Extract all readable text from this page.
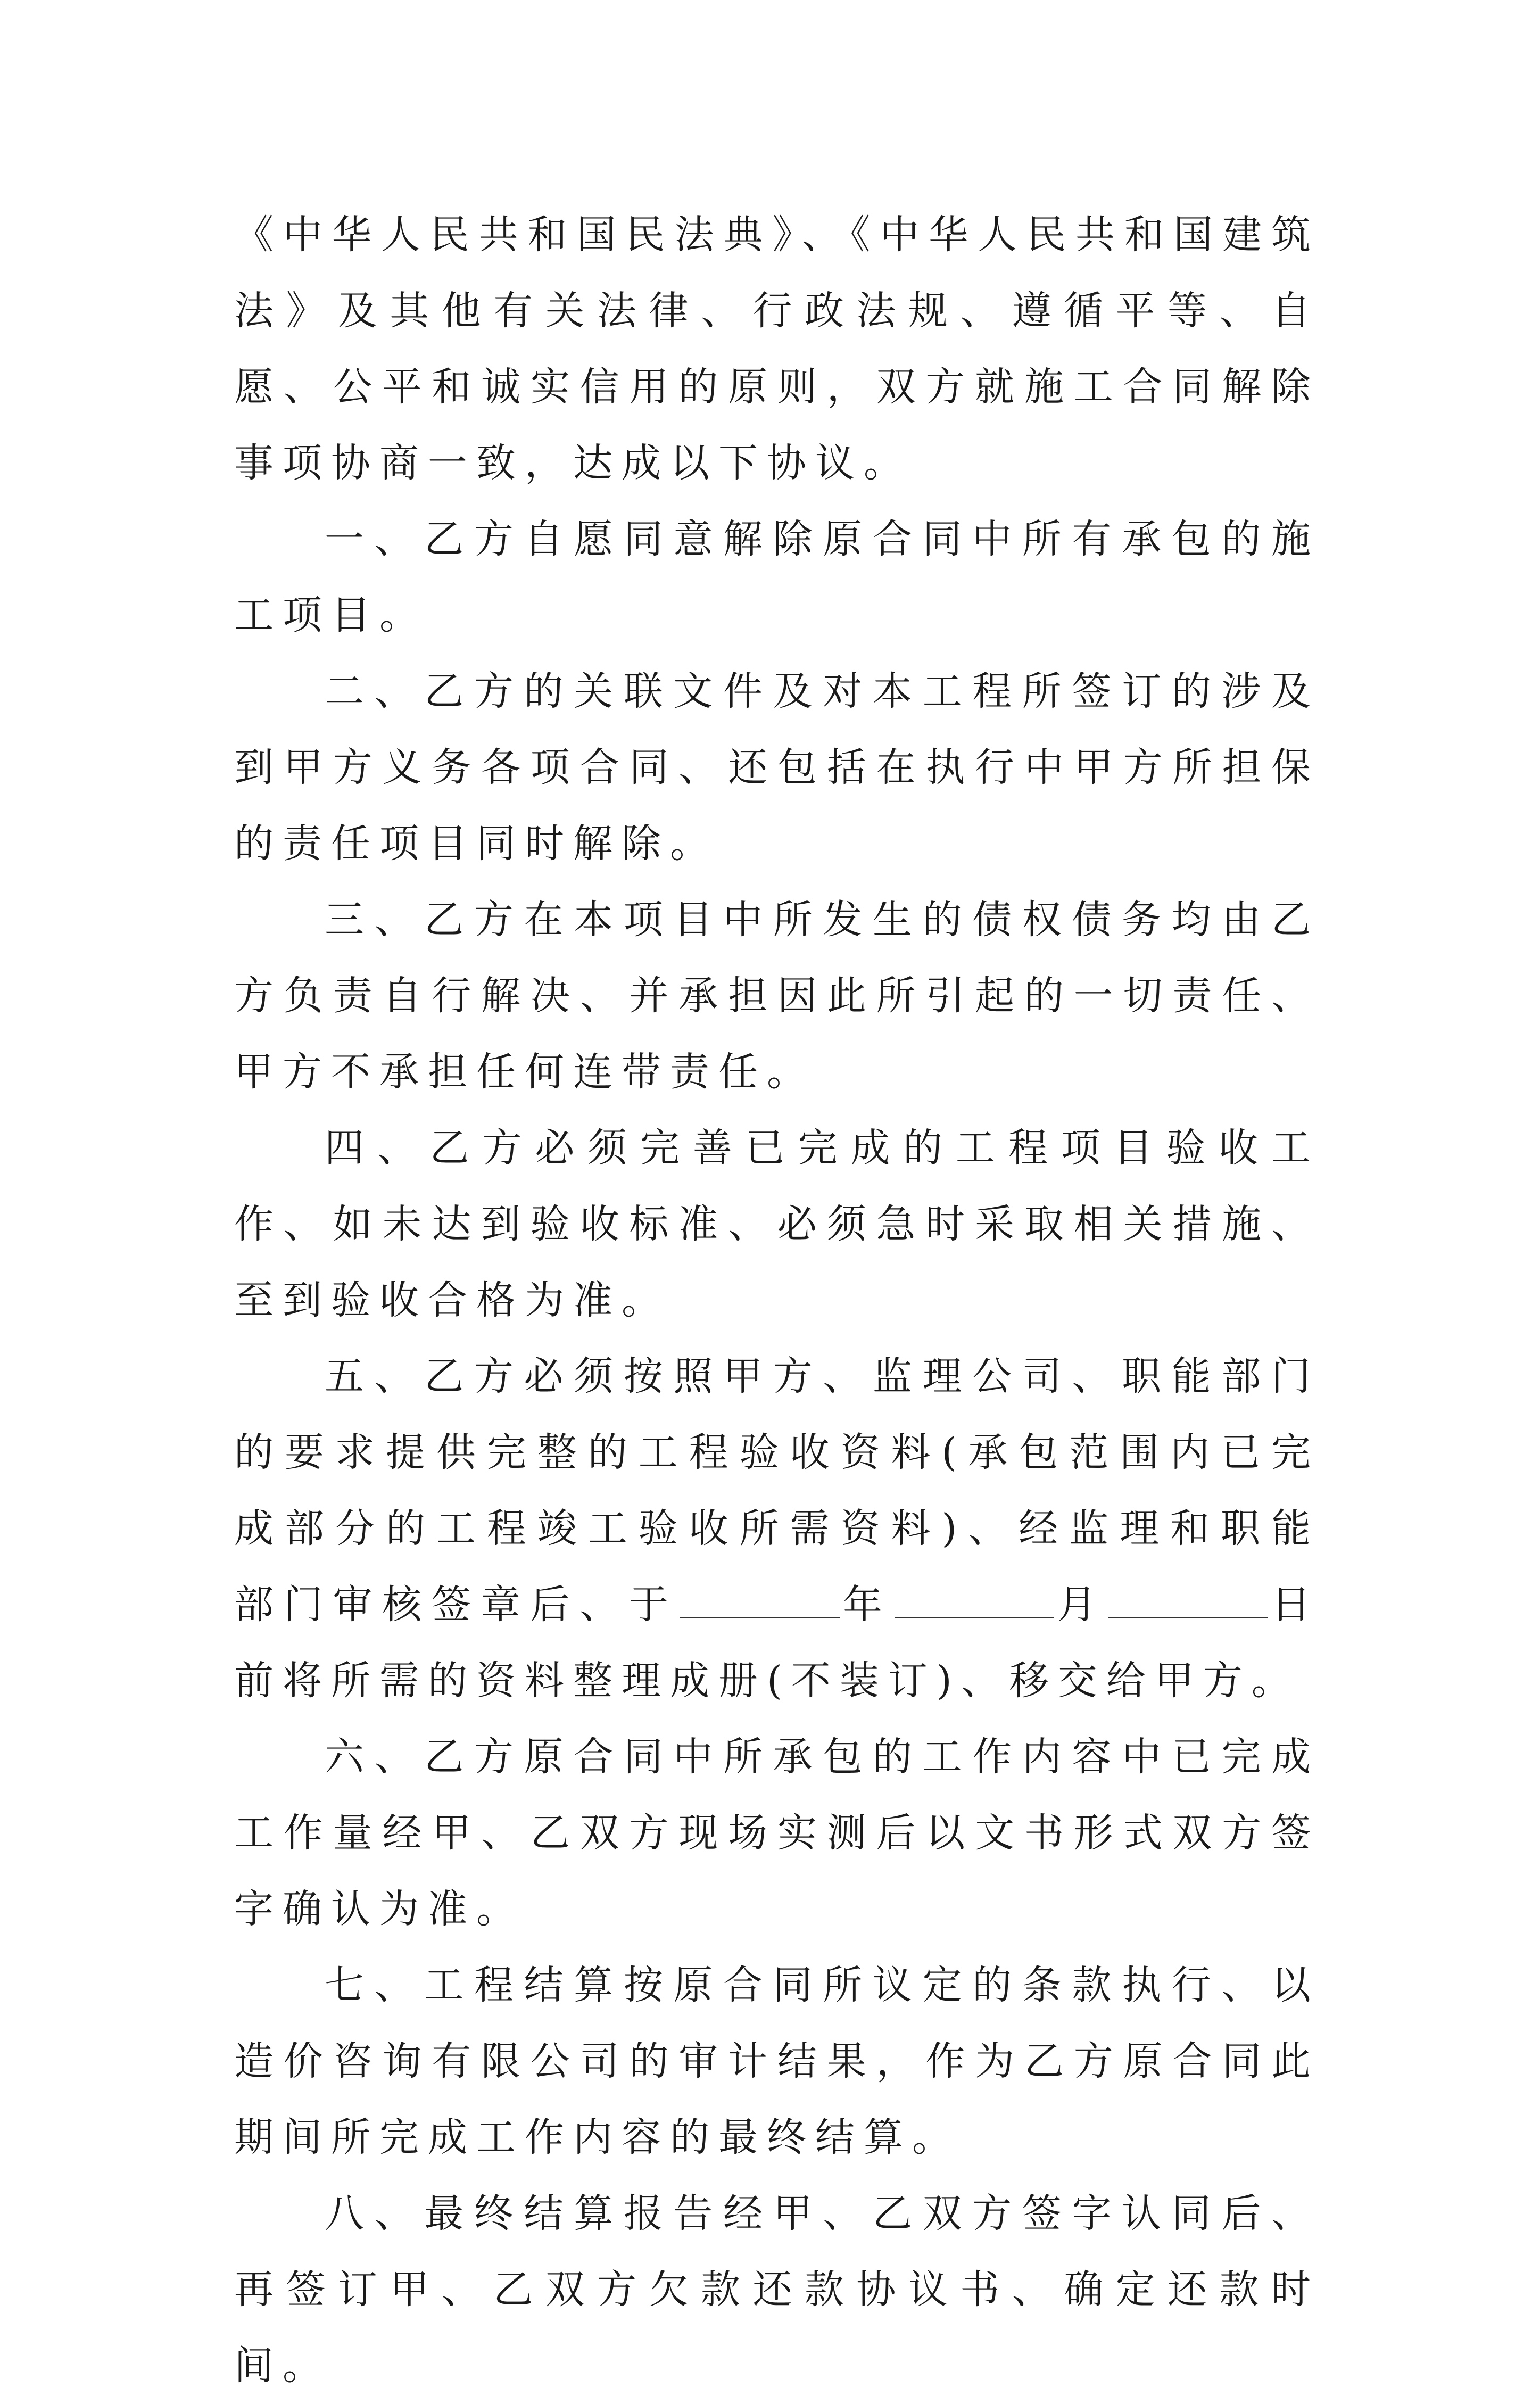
《中华人民共和国民法典》、《中华人民共和国建筑法》及其他有关法律、行政法规、遵循平等、自愿、公平和诚实信用的原则，双方就施工合同解除事项协商一致，达成以下协议。

一、乙方自愿同意解除原合同中所有承包的施工项目。

二、乙方的关联文件及对本工程所签订的涉及到甲方义务各项合同、还包括在执行中甲方所担保的责任项目同时解除。

三、乙方在本项目中所发生的债权债务均由乙方负责自行解决、并承担因此所引起的一切责任、甲方不承担任何连带责任。

四、乙方必须完善已完成的工程项目验收工作、如未达到验收标准、必须急时采取相关措施、至到验收合格为准。

五、乙方必须按照甲方、监理公司、职能部门的要求提供完整的工程验收资料(承包范围内已完成部分的工程竣工验收所需资料)、经监理和职能部门审核签章后、于	年	月	日前将所需的资料整理成册(不装订)、移交给甲方。

六、乙方原合同中所承包的工作内容中已完成工作量经甲、乙双方现场实测后以文书形式双方签字确认为准。

七、工程结算按原合同所议定的条款执行、以造价咨询有限公司的审计结果，作为乙方原合同此期间所完成工作内容的最终结算。

八、最终结算报告经甲、乙双方签字认同后、再签订甲、乙双方欠款还款协议书、确定还款时间。
